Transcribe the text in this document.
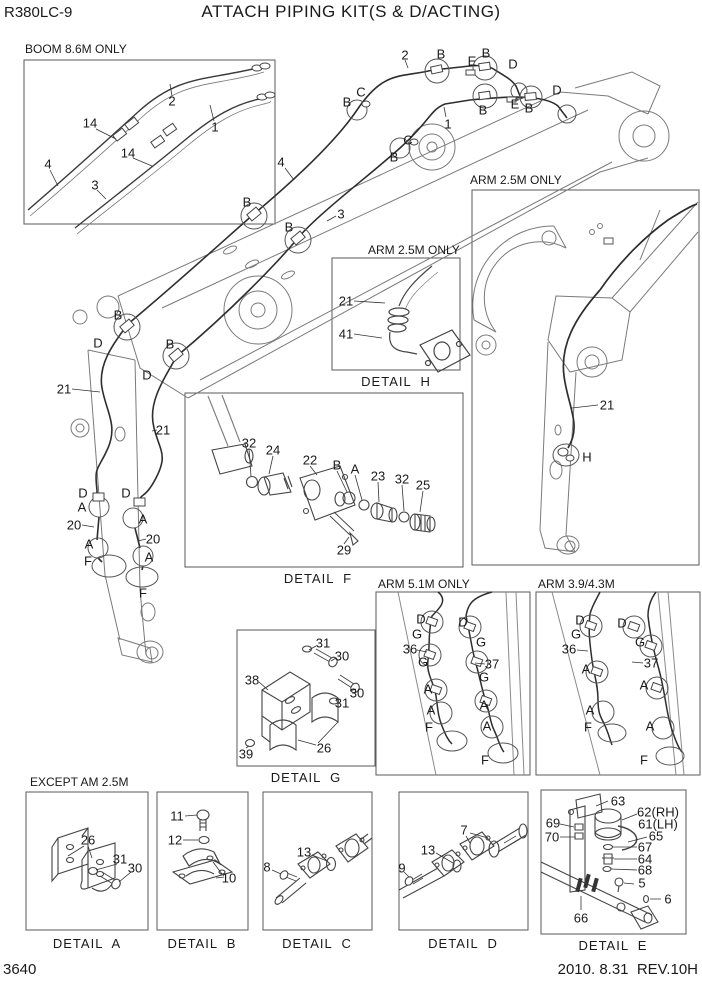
R380LC-9	ATTACH PIPING KIT(S & D/ACTING)
BOOM 8.6M ONLY
ARM 2.5M ONLY
ARM 2.5M ONLY
DETAIL  H
DETAIL  F ARM 5.1M ONLY	ARM 3.9/4.3M
DETAIL  G
EXCEPT AM 2.5M
DETAIL  A	DETAIL  B	DETAIL  C	DETAIL  D	DETAIL  E
3640	2010. 8.31  REV.10H
2
14	1
14
4
3
2 B E
B
D
D
E B
B
C
B
C
B
1
4
B
3
B
B
D	B
D
21
21
D
A
20
A
F
D
A
20
A
F
21
H
21
41
32 24
22 B A 23 32 25
29
31
30
38
30
31
26
39
D	D
G
G
36
G	37
G
A
A
A
A
F
F
D	D
G
G
36
37
A
A
A
A
F
F
26
31
30
11
12
10
13
8
7
13
9
63
62(RH)
61(LH)
69
70	65
67
64
68
5
6
66
